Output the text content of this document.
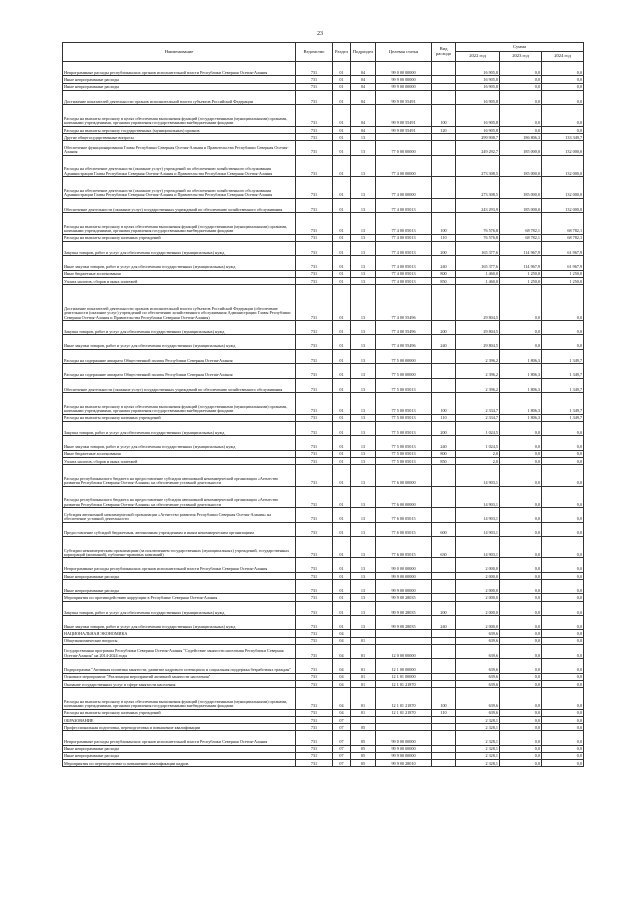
23
Наименование	Ведомство	Раздел	Подраздел	Целевая статья	Вид расхода	Сумма		
						2022 год	2023 год	2024 год
Непрограммные расходы республиканских органов исполнительной власти Республики Северная Осетия-Алания	731	01	04	99 0 00 00000		16 905,8	0,0	0,0
Иные непрограммные расходы	731	01	04	99 9 00 00000		16 905,8	0,0	0,0
Иные непрограммные расходы	731	01	04	99 9 00 00000		16 905,8	0,0	0,0
Достижение показателей деятельности органов исполнительной власти субъектов Российской Федерации	731	01	04	99 9 00 55491		16 905,8	0,0	0,0
Расходы на выплаты персоналу в целях обеспечения выполнения функций (государственными (муниципальными) органами, казенными учреждениями, органами управления государственными внебюджетными фондами	731	01	04	99 9 00 55491	100	16 905,8	0,0	0,0
Расходы на выплаты персоналу государственных (муниципальных) органов	731	01	04	99 9 00 55491	120	16 905,8	0,0	0,0
Другие общегосударственные вопросы	731	01	13			299 908,7	186 806,3	133 349,7
Обеспечение функционирования Главы Республики Северная Осетия-Алания и Правительства Республики Северная Осетия-Алания	731	01	13	77 0 00 00000		249 292,7	185 000,0	132 000,0
Расходы на обеспечение деятельности (оказание услуг) учреждений по обеспечению хозяйственного обслуживания Администрации Главы Республики Северная Осетия-Алания и Правительства Республики Северная Осетия-Алания	731	01	13	77 4 00 00000		273 308,5	185 000,0	132 000,0
Расходы на обеспечение деятельности (оказание услуг) учреждений по обеспечению хозяйственного обслуживания Администрации Главы Республики Северная Осетия-Алания и Правительства Республики Северная Осетия-Алания	731	01	13	77 4 00 00000		273 308,5	185 000,0	132 000,0
Обеспечение деятельности (оказание услуг) государственных учреждений по обеспечению хозяйственного обслуживания	731	01	13	77 4 00 05013		243 293,9	185 000,0	132 000,0
Расходы на выплаты персоналу в целях обеспечения выполнения функций (государственными (муниципальными) органами, казенными учреждениями, органами управления государственными внебюджетными фондами	731	01	13	77 4 00 05013	100	76 576,8	68 782,1	68 782,1
Расходы на выплаты персоналу казенных учреждений	731	01	13	77 4 00 05013	110	76 576,8	68 782,1	68 782,1
Закупка товаров, работ и услуг для обеспечения государственных (муниципальных) нужд	731	01	13	77 4 00 05013	200	165 377,6	114 967,9	61 967,9
Иные закупки товаров, работ и услуг для обеспечения государственных (муниципальных) нужд	731	01	13	77 4 00 05013	240	165 377,6	114 967,9	61 967,9
Иные бюджетные ассигнования	731	01	13	77 4 00 05013	800	1 460,0	1 250,0	1 250,0
Уплата налогов, сборов и иных платежей	731	01	13	77 4 00 05013	850	1 460,0	1 250,0	1 250,0
Достижение показателей деятельности органов исполнительной власти субъектов Российской Федерации (обеспечение деятельности (оказание услуг) учреждений по обеспечению хозяйственного обслуживания Администрации Главы Республики Северная Осетия-Алания и Правительства Республики Северная Осетия-Алания)	731	01	13	77 4 00 55496		29 804,5	0,0	0,0
Закупка товаров, работ и услуг для обеспечения государственных (муниципальных) нужд	731	01	13	77 4 00 55496	200	29 804,5	0,0	0,0
Иные закупки товаров, работ и услуг для обеспечения государственных (муниципальных) нужд	731	01	13	77 4 00 55496	240	29 804,5	0,0	0,0
Расходы на содержание аппарата Общественной палаты Республики Северная Осетия-Алания	731	01	13	77 5 00 00000		2 396,2	1 806,3	1 349,7
Расходы на содержание аппарата Общественной палаты Республики Северная Осетия-Алания	731	01	13	77 5 00 00000		2 396,2	1 806,3	1 349,7
Обеспечение деятельности (оказание услуг) государственных учреждений по обеспечению хозяйственного обслуживания	731	01	13	77 5 00 05013		2 396,2	1 806,3	1 349,7
Расходы на выплаты персоналу в целях обеспечения выполнения функций (государственными (муниципальными) органами, казенными учреждениями, органами управления государственными внебюджетными фондами	731	01	13	77 5 00 05013	100	2 334,7	1 806,3	1 349,7
Расходы на выплаты персоналу казенных учреждений	731	01	13	77 5 00 05013	110	2 334,7	1 806,3	1 349,7
Закупка товаров, работ и услуг для обеспечения государственных (муниципальных) нужд	731	01	13	77 5 00 05013	200	1 024,5	0,0	0,0
Иные закупки товаров, работ и услуг для обеспечения государственных (муниципальных) нужд	731	01	13	77 5 00 05013	240	1 024,5	0,0	0,0
Иные бюджетные ассигнования	731	01	13	77 5 00 05013	800	2,0	0,0	0,0
Уплата налогов, сборов и иных платежей	731	01	13	77 5 00 05013	850	2,0	0,0	0,0
Расходы республиканского бюджета на предоставление субсидии автономной некоммерческой организации «Агентство развития Республики Северная Осетия-Алания» на обеспечение уставной деятельности	731	01	13	77 6 00 00000		14 903,1	0,0	0,0
Расходы республиканского бюджета на предоставление субсидии автономной некоммерческой организации «Агентство развития Республики Северная Осетия-Алания» на обеспечение уставной деятельности	731	01	13	77 6 00 00000		14 903,1	0,0	0,0
Субсидия автономной некоммерческой организации «Агентство развития Республики Северная Осетия-Алания» на обеспечение уставной деятельности	731	01	13	77 6 00 05015		14 903,1	0,0	0,0
Предоставление субсидий бюджетным, автономным учреждениям и иным некоммерческим организациям	731	01	13	77 6 00 05015	600	14 903,1	0,0	0,0
Субсидии некоммерческим организациям (за исключением государственных (муниципальных) учреждений, государственных корпораций (компаний), публично-правовых компаний)	731	01	13	77 6 00 05015	630	14 903,1	0,0	0,0
Непрограммные расходы республиканских органов исполнительной власти Республики Северная Осетия-Алания	731	01	13	99 0 00 00000		2 000,0	0,0	0,0
Иные непрограммные расходы	731	01	13	99 9 00 00000		2 000,0	0,0	0,0
Иные непрограммные расходы	731	01	13	99 9 00 00000		2 000,0	0,0	0,0
Мероприятия по противодействию коррупции в Республике Северная Осетия-Алания	731	01	13	99 9 00 28035		2 000,0	0,0	0,0
Закупка товаров, работ и услуг для обеспечения государственных (муниципальных) нужд	731	01	13	99 9 00 28035	200	2 000,0	0,0	0,0
Иные закупки товаров, работ и услуг для обеспечения государственных (муниципальных) нужд	731	01	13	99 9 00 28035	240	2 000,0	0,0	0,0
НАЦИОНАЛЬНАЯ ЭКОНОМИКА	731	04				639,6	0,0	0,0
Общеэкономические вопросы	731	04	01			639,6	0,0	0,0
Государственная программа Республики Северная Осетия-Алания "Содействие занятости населения Республики Северная Осетия-Алания" на 2014-2024 годы	731	04	01	12 0 00 00000		639,6	0,0	0,0
Подпрограмма "Активная политика занятости, развитие кадрового потенциала и социальная поддержка безработных граждан"	731	04	01	12 1 00 00000		639,6	0,0	0,0
Основное мероприятие "Реализация мероприятий активной занятости населения"	731	04	01	12 1 01 00000		639,6	0,0	0,0
Оказание государственных услуг в сфере занятости населения	731	04	01	12 1 01 21870		639,6	0,0	0,0
Расходы на выплаты персоналу в целях обеспечения выполнения функций (государственными (муниципальными) органами, казенными учреждениями, органами управления государственными внебюджетными фондами	731	04	01	12 1 01 21870	100	639,6	0,0	0,0
Расходы на выплаты персоналу казенных учреждений	731	04	01	12 1 01 21870	110	639,6	0,0	0,0
ОБРАЗОВАНИЕ	731	07				2 328,1	0,0	0,0
Профессиональная подготовка, переподготовка и повышение квалификации	731	07	05			2 328,1	0,0	0,0
Непрограммные расходы республиканских органов исполнительной власти Республики Северная Осетия-Алания	731	07	05	99 0 00 00000		2 328,1	0,0	0,0
Иные непрограммные расходы	731	07	05	99 9 00 00000		2 328,1	0,0	0,0
Иные непрограммные расходы	731	07	05	99 9 00 00000		2 328,1	0,0	0,0
Мероприятия по переподготовке и повышению квалификации кадров	731	07	05	99 9 00 28010		2 328,1	0,0	0,0
